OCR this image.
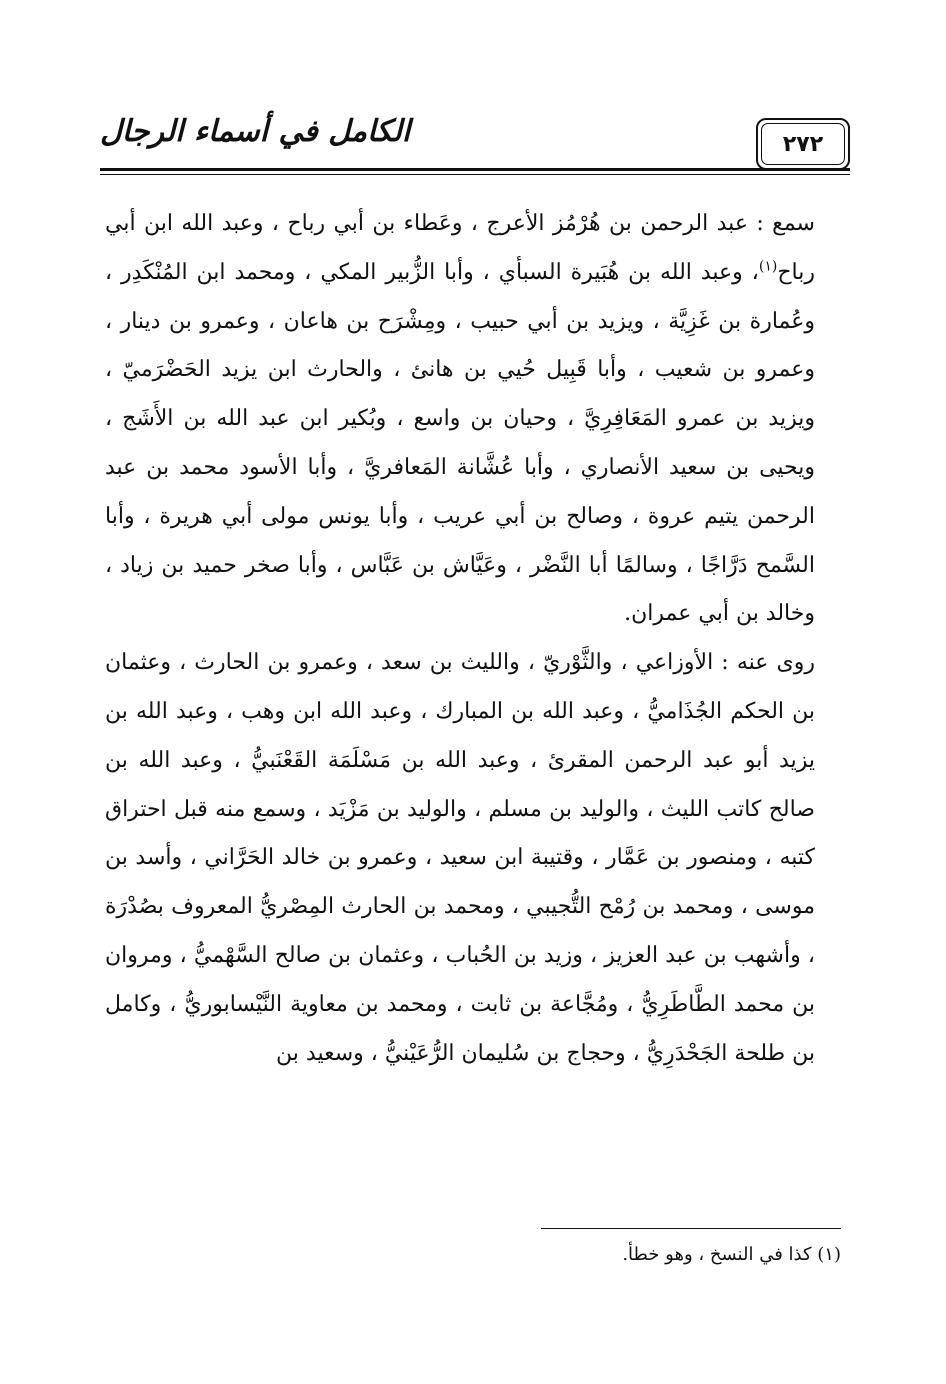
الكامل في أسماء الرجال	٢٧٢

سمع : عبد الرحمن بن هُرْمُز الأعرج ، وعَطاء بن أبي رباح ، وعبد الله ابن أبي رباح$^{(١)}$، وعبد الله بن هُبَيرة السبأي ، وأبا الزُّبير المكي ، ومحمد ابن المُنْكَدِر ، وعُمارة بن غَزِيَّة ، ويزيد بن أبي حبيب ، ومِشْرَح بن هاعان ، وعمرو بن دينار ، وعمرو بن شعيب ، وأبا قَبِيل حُيي بن هانئ ، والحارث ابن يزيد الحَضْرَميّ ، ويزيد بن عمرو المَعَافِرِيَّ ، وحيان بن واسع ، وبُكير ابن عبد الله بن الأَشَج ، ويحيى بن سعيد الأنصاري ، وأبا عُشَّانة المَعافريَّ ، وأبا الأسود محمد بن عبد الرحمن يتيم عروة ، وصالح بن أبي عريب ، وأبا يونس مولى أبي هريرة ، وأبا السَّمح دَرَّاجًا ، وسالمًا أبا النَّضْر ، وعَيَّاش بن عَبَّاس ، وأبا صخر حميد بن زياد ، وخالد بن أبي عمران.

روى عنه : الأوزاعي ، والثَّوْريّ ، والليث بن سعد ، وعمرو بن الحارث ، وعثمان بن الحكم الجُذَاميُّ ، وعبد الله بن المبارك ، وعبد الله ابن وهب ، وعبد الله بن يزيد أبو عبد الرحمن المقرئ ، وعبد الله بن مَسْلَمَة القَعْنَبيُّ ، وعبد الله بن صالح كاتب الليث ، والوليد بن مسلم ، والوليد بن مَزْيَد ، وسمع منه قبل احتراق كتبه ، ومنصور بن عَمَّار ، وقتيبة ابن سعيد ، وعمرو بن خالد الحَرَّاني ، وأسد بن موسى ، ومحمد بن رُمْح التُّجيبي ، ومحمد بن الحارث المِصْريُّ المعروف بصُدْرَة ، وأشهب بن عبد العزيز ، وزيد بن الحُباب ، وعثمان بن صالح السَّهْميُّ ، ومروان بن محمد الطَّاطَرِيُّ ، ومُجَّاعة بن ثابت ، ومحمد بن معاوية النَّيْسابوريُّ ، وكامل بن طلحة الجَحْدَرِيُّ ، وحجاج بن سُليمان الرُّعَيْنيُّ ، وسعيد بن

(١) كذا في النسخ ، وهو خطأ.
